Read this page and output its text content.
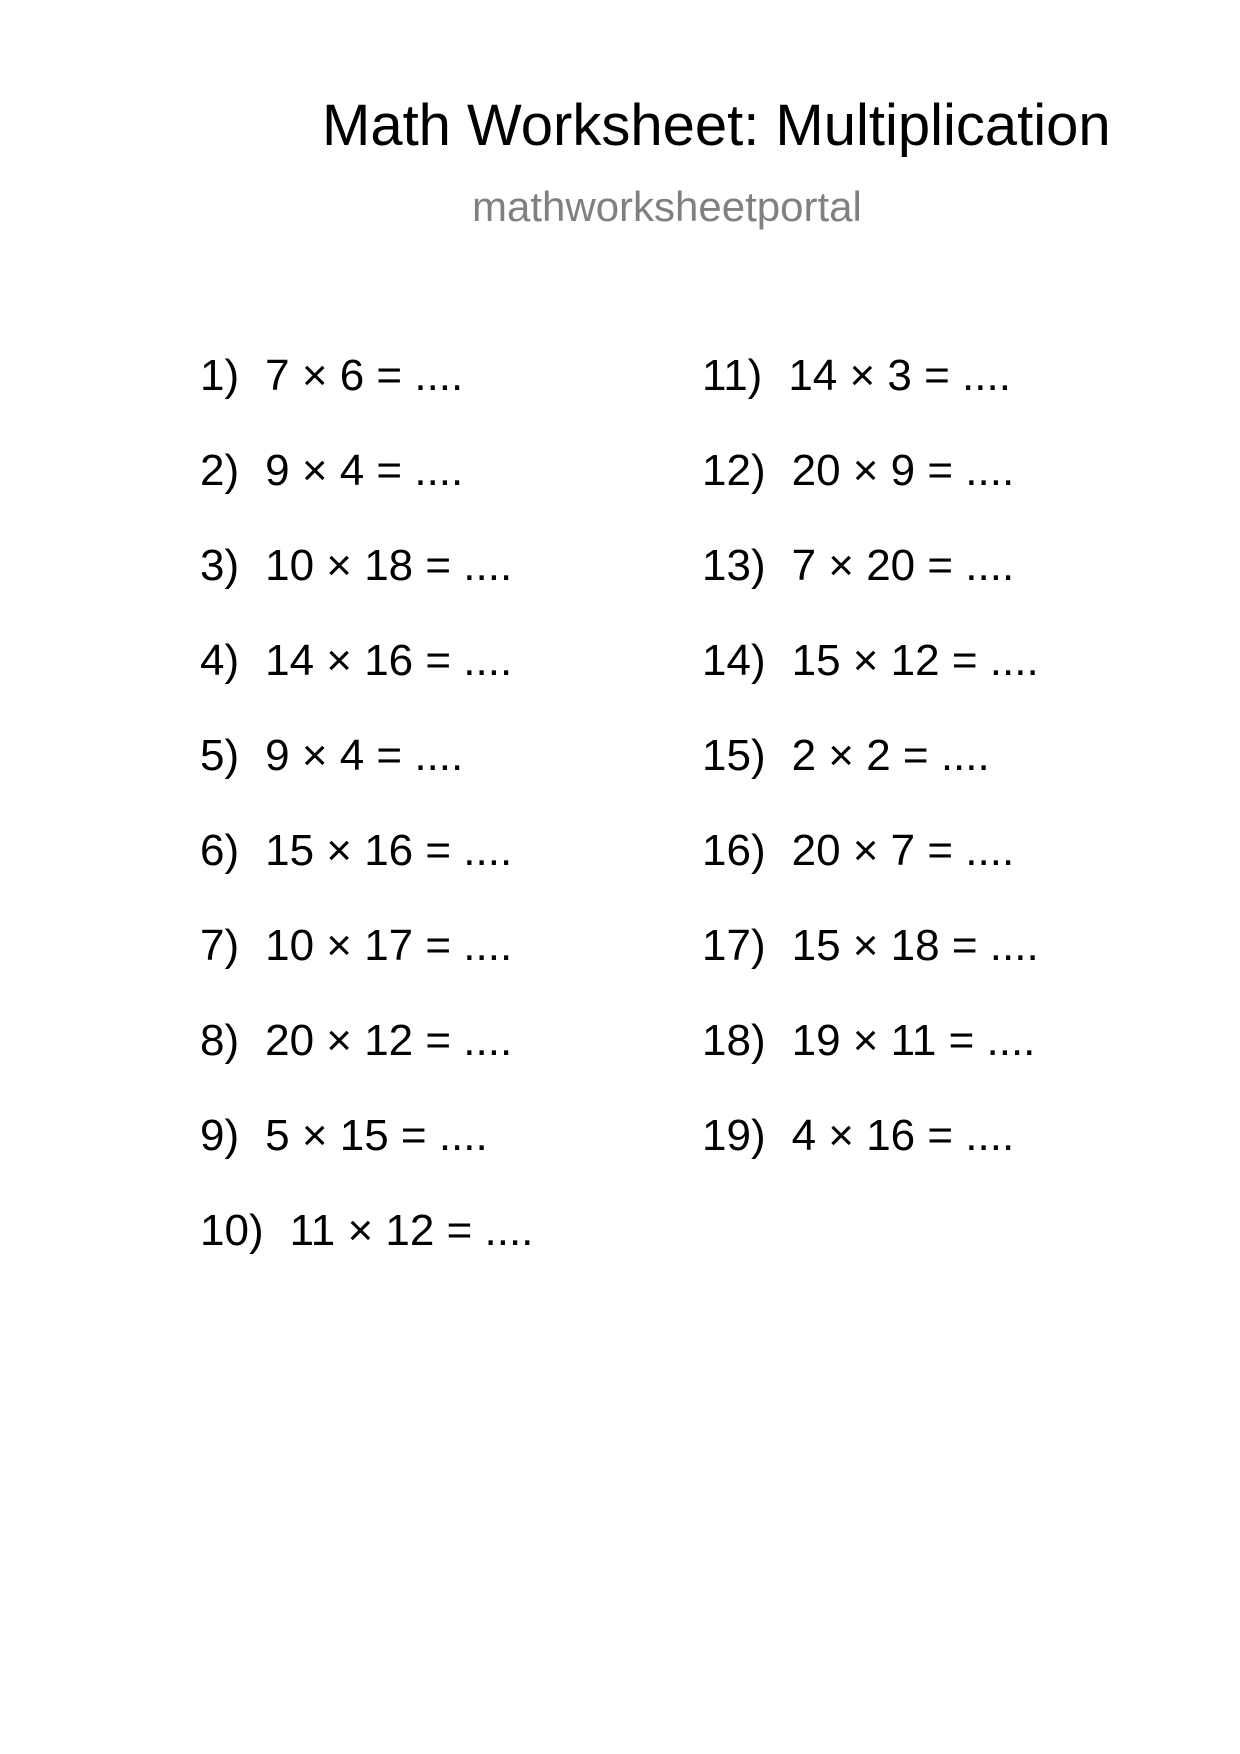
Math Worksheet: Multiplication
mathworksheetportal
1) 7 × 6 = ....
2) 9 × 4 = ....
3) 10 × 18 = ....
4) 14 × 16 = ....
5) 9 × 4 = ....
6) 15 × 16 = ....
7) 10 × 17 = ....
8) 20 × 12 = ....
9) 5 × 15 = ....
10) 11 × 12 = ....
11) 14 × 3 = ....
12) 20 × 9 = ....
13) 7 × 20 = ....
14) 15 × 12 = ....
15) 2 × 2 = ....
16) 20 × 7 = ....
17) 15 × 18 = ....
18) 19 × 11 = ....
19) 4 × 16 = ....
